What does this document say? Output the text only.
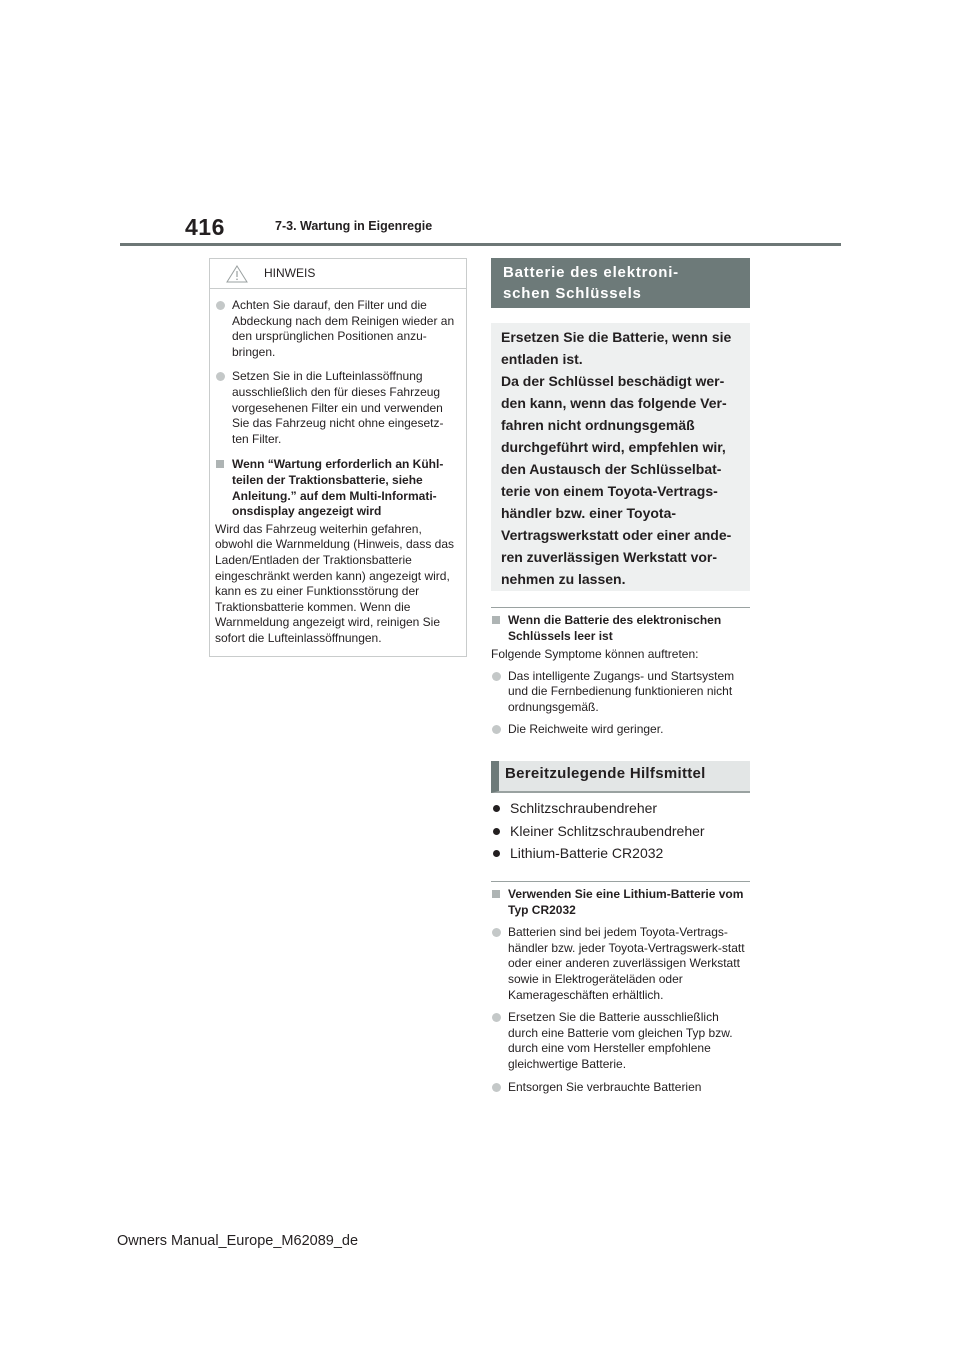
416	7-3. Wartung in Eigenregie
HINWEIS
Achten Sie darauf, den Filter und die Abdeckung nach dem Reinigen wieder an den ursprünglichen Positionen anzu-bringen.
Setzen Sie in die Lufteinlassöffnung ausschließlich den für dieses Fahrzeug vorgesehenen Filter ein und verwenden Sie das Fahrzeug nicht ohne eingesetz-ten Filter.
Wenn “Wartung erforderlich an Kühl-teilen der Traktionsbatterie, siehe Anleitung.” auf dem Multi-Informati-onsdisplay angezeigt wird
Wird das Fahrzeug weiterhin gefahren, obwohl die Warnmeldung (Hinweis, dass das Laden/Entladen der Traktionsbatterie eingeschränkt werden kann) angezeigt wird, kann es zu einer Funktionsstörung der Traktionsbatterie kommen. Wenn die Warnmeldung angezeigt wird, reinigen Sie sofort die Lufteinlassöffnungen.
Batterie des elektroni-
schen Schlüssels
Ersetzen Sie die Batterie, wenn sie
entladen ist.
Da der Schlüssel beschädigt wer-
den kann, wenn das folgende Ver-
fahren nicht ordnungsgemäß
durchgeführt wird, empfehlen wir,
den Austausch der Schlüsselbat-
terie von einem Toyota-Vertrags-
händler bzw. einer Toyota-
Vertragswerkstatt oder einer ande-
ren zuverlässigen Werkstatt vor-
nehmen zu lassen.
Wenn die Batterie des elektronischen Schlüssels leer ist
Folgende Symptome können auftreten:
Das intelligente Zugangs- und Startsystem und die Fernbedienung funktionieren nicht ordnungsgemäß.
Die Reichweite wird geringer.
Bereitzulegende Hilfsmittel
Schlitzschraubendreher
Kleiner Schlitzschraubendreher
Lithium-Batterie CR2032
Verwenden Sie eine Lithium-Batterie vom Typ CR2032
Batterien sind bei jedem Toyota-Vertrags-händler bzw. jeder Toyota-Vertragswerk-statt oder einer anderen zuverlässigen Werkstatt sowie in Elektrogeräteläden oder Kamerageschäften erhältlich.
Ersetzen Sie die Batterie ausschließlich durch eine Batterie vom gleichen Typ bzw. durch eine vom Hersteller empfohlene gleichwertige Batterie.
Entsorgen Sie verbrauchte Batterien
Owners Manual_Europe_M62089_de
